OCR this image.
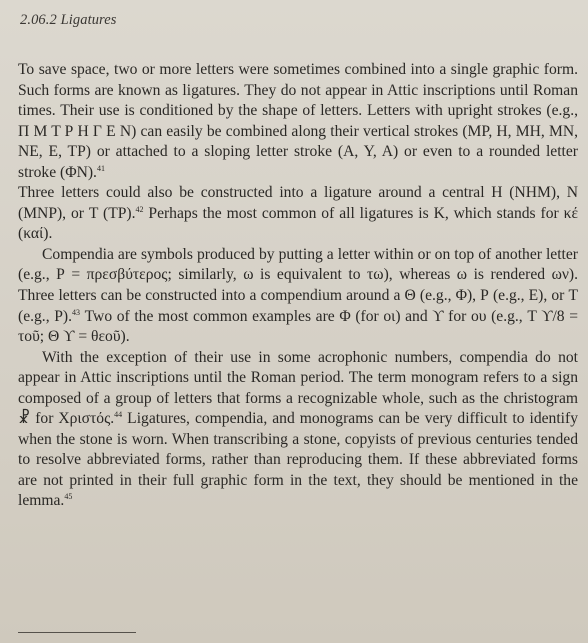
2.06.2 Ligatures

To save space, two or more letters were sometimes combined into a single graphic form. Such forms are known as ligatures. They do not appear in Attic inscriptions until Roman times. Their use is conditioned by the shape of letters. Letters with upright strokes (e.g., Π Μ Τ Ρ Η Γ Ε Ν) can easily be combined along their vertical strokes (ΜΡ, Η, ΜΗ, ΜΝ, ΝΕ, Ε, ΤΡ) or attached to a sloping letter stroke (Α, Υ, Α) or even to a rounded letter stroke (ΦΝ).$^{41}$

Three letters could also be constructed into a ligature around a central Η (ΝΗΜ), Ν (ΜΝΡ), or Τ (ΤΡ).$^{42}$ Perhaps the most common of all ligatures is Κ, which stands for κέ (καί).

Compendia are symbols produced by putting a letter within or on top of another letter (e.g., Ρ = πρεσβύτερος; similarly, ω is equivalent to τω), whereas ω is rendered ων). Three letters can be constructed into a compendium around a Θ (e.g., Φ), Ρ (e.g., Ε), or Τ (e.g., Ρ).$^{43}$ Two of the most common examples are Φ (for οι) and ϒ for ου (e.g., Τ ϒ/8 = τοῦ; Θ ϒ = θεοῦ).

With the exception of their use in some acrophonic numbers, compendia do not appear in Attic inscriptions until the Roman period. The term monogram refers to a sign composed of a group of letters that forms a recognizable whole, such as the christogram ☧ for Χριστός.$^{44}$ Ligatures, compendia, and monograms can be very difficult to identify when the stone is worn. When transcribing a stone, copyists of previous centuries tended to resolve abbreviated forms, rather than reproducing them. If these abbreviated forms are not printed in their full graphic form in the text, they should be mentioned in the lemma.$^{45}$
